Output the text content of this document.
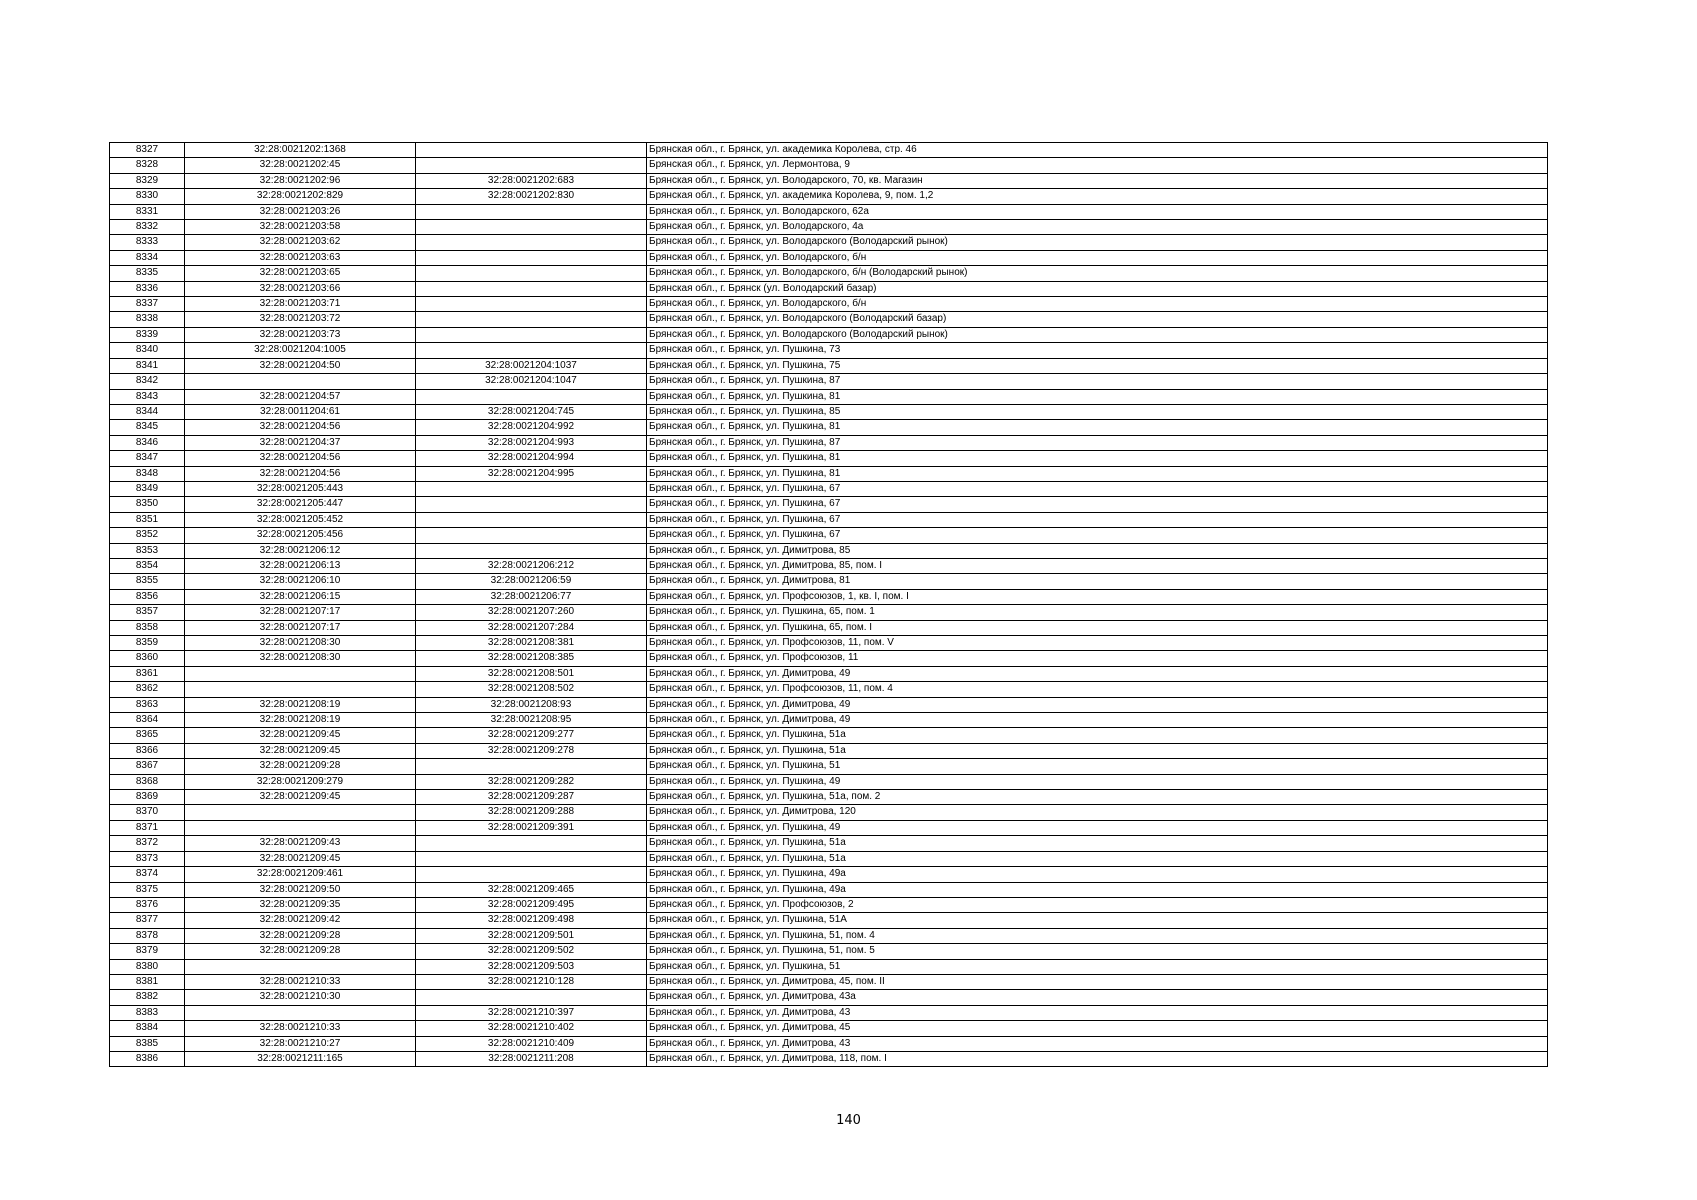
8327	32:28:0021202:1368		Брянская обл., г. Брянск, ул. академика Королева, стр. 46
8328	32:28:0021202:45		Брянская обл., г. Брянск, ул. Лермонтова, 9
8329	32:28:0021202:96	32:28:0021202:683	Брянская обл., г. Брянск, ул. Володарского, 70, кв. Магазин
8330	32:28:0021202:829	32:28:0021202:830	Брянская обл., г. Брянск, ул. академика Королева, 9, пом. 1,2
8331	32:28:0021203:26		Брянская обл., г. Брянск, ул. Володарского, 62а
8332	32:28:0021203:58		Брянская обл., г. Брянск, ул. Володарского, 4а
8333	32:28:0021203:62		Брянская обл., г. Брянск, ул. Володарского (Володарский рынок)
8334	32:28:0021203:63		Брянская обл., г. Брянск, ул. Володарского, б/н
8335	32:28:0021203:65		Брянская обл., г. Брянск, ул. Володарского, б/н (Володарский рынок)
8336	32:28:0021203:66		Брянская обл., г. Брянск (ул. Володарский базар)
8337	32:28:0021203:71		Брянская обл., г. Брянск, ул. Володарского, б/н
8338	32:28:0021203:72		Брянская обл., г. Брянск, ул. Володарского (Володарский базар)
8339	32:28:0021203:73		Брянская обл., г. Брянск, ул. Володарского (Володарский рынок)
8340	32:28:0021204:1005		Брянская обл., г. Брянск, ул. Пушкина, 73
8341	32:28:0021204:50	32:28:0021204:1037	Брянская обл., г. Брянск, ул. Пушкина, 75
8342		32:28:0021204:1047	Брянская обл., г. Брянск, ул. Пушкина, 87
8343	32:28:0021204:57		Брянская обл., г. Брянск, ул. Пушкина, 81
8344	32:28:0011204:61	32:28:0021204:745	Брянская обл., г. Брянск, ул. Пушкина, 85
8345	32:28:0021204:56	32:28:0021204:992	Брянская обл., г. Брянск, ул. Пушкина, 81
8346	32:28:0021204:37	32:28:0021204:993	Брянская обл., г. Брянск, ул. Пушкина, 87
8347	32:28:0021204:56	32:28:0021204:994	Брянская обл., г. Брянск, ул. Пушкина, 81
8348	32:28:0021204:56	32:28:0021204:995	Брянская обл., г. Брянск, ул. Пушкина, 81
8349	32:28:0021205:443		Брянская обл., г. Брянск, ул. Пушкина, 67
8350	32:28:0021205:447		Брянская обл., г. Брянск, ул. Пушкина, 67
8351	32:28:0021205:452		Брянская обл., г. Брянск, ул. Пушкина, 67
8352	32:28:0021205:456		Брянская обл., г. Брянск, ул. Пушкина, 67
8353	32:28:0021206:12		Брянская обл., г. Брянск, ул. Димитрова, 85
8354	32:28:0021206:13	32:28:0021206:212	Брянская обл., г. Брянск, ул. Димитрова, 85, пом. I
8355	32:28:0021206:10	32:28:0021206:59	Брянская обл., г. Брянск, ул. Димитрова, 81
8356	32:28:0021206:15	32:28:0021206:77	Брянская обл., г. Брянск, ул. Профсоюзов, 1, кв. I, пом. I
8357	32:28:0021207:17	32:28:0021207:260	Брянская обл., г. Брянск, ул. Пушкина, 65, пом. 1
8358	32:28:0021207:17	32:28:0021207:284	Брянская обл., г. Брянск, ул. Пушкина, 65, пом. I
8359	32:28:0021208:30	32:28:0021208:381	Брянская обл., г. Брянск, ул. Профсоюзов, 11, пом. V
8360	32:28:0021208:30	32:28:0021208:385	Брянская обл., г. Брянск, ул. Профсоюзов, 11
8361		32:28:0021208:501	Брянская обл., г. Брянск, ул. Димитрова, 49
8362		32:28:0021208:502	Брянская обл., г. Брянск, ул. Профсоюзов, 11, пом. 4
8363	32:28:0021208:19	32:28:0021208:93	Брянская обл., г. Брянск, ул. Димитрова, 49
8364	32:28:0021208:19	32:28:0021208:95	Брянская обл., г. Брянск, ул. Димитрова, 49
8365	32:28:0021209:45	32:28:0021209:277	Брянская обл., г. Брянск, ул. Пушкина, 51а
8366	32:28:0021209:45	32:28:0021209:278	Брянская обл., г. Брянск, ул. Пушкина, 51а
8367	32:28:0021209:28		Брянская обл., г. Брянск, ул. Пушкина, 51
8368	32:28:0021209:279	32:28:0021209:282	Брянская обл., г. Брянск, ул. Пушкина, 49
8369	32:28:0021209:45	32:28:0021209:287	Брянская обл., г. Брянск, ул. Пушкина, 51а, пом. 2
8370		32:28:0021209:288	Брянская обл., г. Брянск, ул. Димитрова, 120
8371		32:28:0021209:391	Брянская обл., г. Брянск, ул. Пушкина, 49
8372	32:28:0021209:43		Брянская обл., г. Брянск, ул. Пушкина, 51а
8373	32:28:0021209:45		Брянская обл., г. Брянск, ул. Пушкина, 51а
8374	32:28:0021209:461		Брянская обл., г. Брянск, ул. Пушкина, 49а
8375	32:28:0021209:50	32:28:0021209:465	Брянская обл., г. Брянск, ул. Пушкина, 49а
8376	32:28:0021209:35	32:28:0021209:495	Брянская обл., г. Брянск, ул. Профсоюзов, 2
8377	32:28:0021209:42	32:28:0021209:498	Брянская обл., г. Брянск, ул. Пушкина, 51А
8378	32:28:0021209:28	32:28:0021209:501	Брянская обл., г. Брянск, ул. Пушкина, 51, пом. 4
8379	32:28:0021209:28	32:28:0021209:502	Брянская обл., г. Брянск, ул. Пушкина, 51, пом. 5
8380		32:28:0021209:503	Брянская обл., г. Брянск, ул. Пушкина, 51
8381	32:28:0021210:33	32:28:0021210:128	Брянская обл., г. Брянск, ул. Димитрова, 45, пом. II
8382	32:28:0021210:30		Брянская обл., г. Брянск, ул. Димитрова, 43а
8383		32:28:0021210:397	Брянская обл., г. Брянск, ул. Димитрова, 43
8384	32:28:0021210:33	32:28:0021210:402	Брянская обл., г. Брянск, ул. Димитрова, 45
8385	32:28:0021210:27	32:28:0021210:409	Брянская обл., г. Брянск, ул. Димитрова, 43
8386	32:28:0021211:165	32:28:0021211:208	Брянская обл., г. Брянск, ул. Димитрова, 118, пом. I
140
